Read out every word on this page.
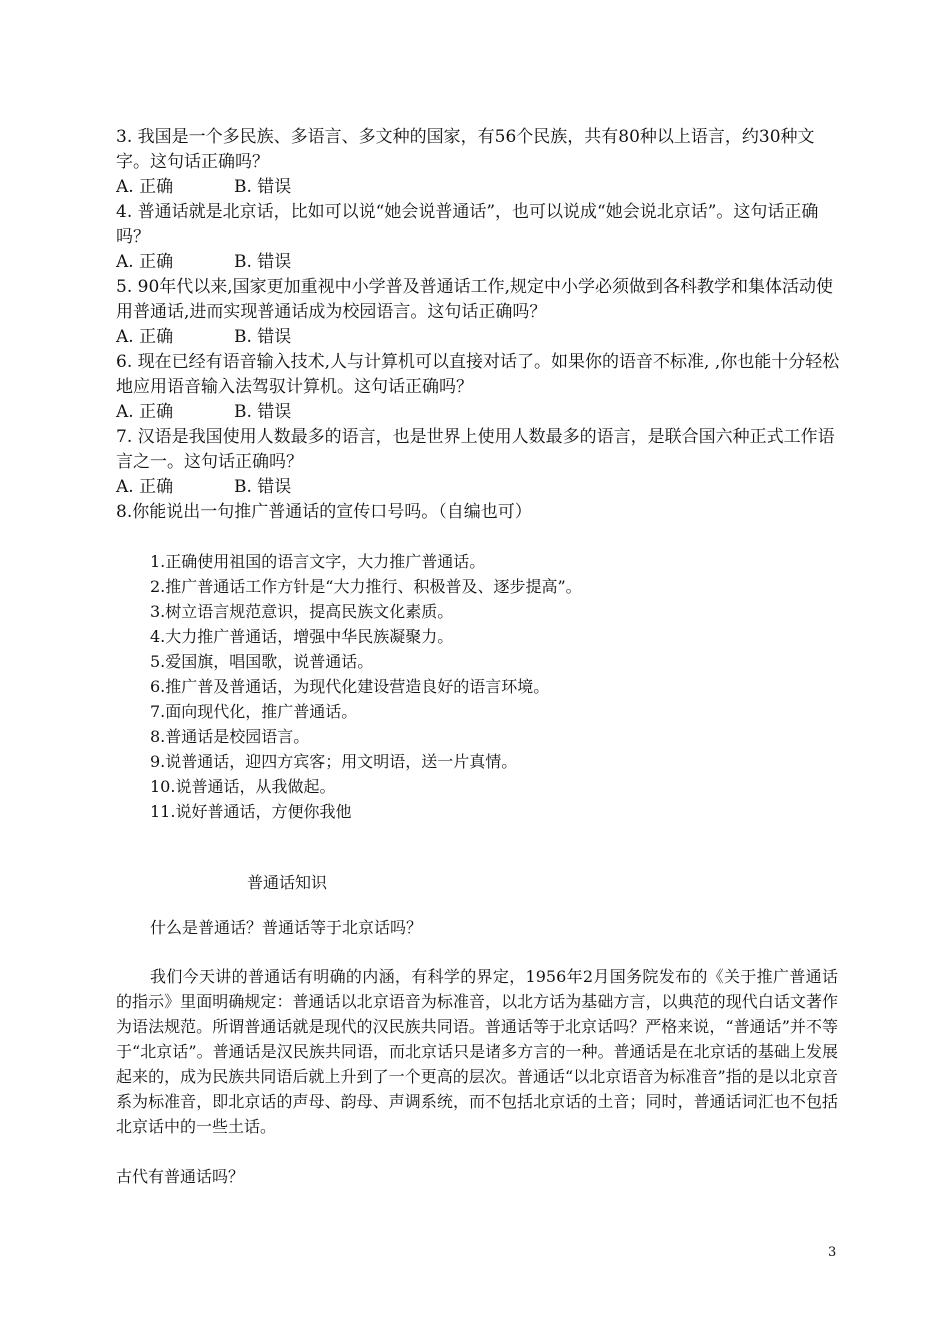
3. 我国是一个多民族、多语言、多文种的国家，有56个民族，共有80种以上语言，约30种文字。这句话正确吗？

A. 正确	B. 错误

4. 普通话就是北京话，比如可以说“她会说普通话”，也可以说成“她会说北京话”。这句话正确吗？

A. 正确	B. 错误

5. 90年代以来,国家更加重视中小学普及普通话工作,规定中小学必须做到各科教学和集体活动使用普通话,进而实现普通话成为校园语言。这句话正确吗？

A. 正确	B. 错误

6. 现在已经有语音输入技术,人与计算机可以直接对话了。如果你的语音不标准, ,你也能十分轻松地应用语音输入法驾驭计算机。这句话正确吗？

A. 正确	B. 错误

7. 汉语是我国使用人数最多的语言，也是世界上使用人数最多的语言，是联合国六种正式工作语言之一。这句话正确吗？

A. 正确	B. 错误

8.你能说出一句推广普通话的宣传口号吗。（自编也可）

1.正确使用祖国的语言文字，大力推广普通话。

2.推广普通话工作方针是“大力推行、积极普及、逐步提高”。

3.树立语言规范意识，提高民族文化素质。

4.大力推广普通话，增强中华民族凝聚力。

5.爱国旗，唱国歌，说普通话。

6.推广普及普通话，为现代化建设营造良好的语言环境。

7.面向现代化，推广普通话。

8.普通话是校园语言。

9.说普通话，迎四方宾客；用文明语，送一片真情。

10.说普通话，从我做起。

11.说好普通话，方便你我他

普通话知识

什么是普通话？普通话等于北京话吗？

我们今天讲的普通话有明确的内涵，有科学的界定，1956年2月国务院发布的《关于推广普通话的指示》里面明确规定：普通话以北京语音为标准音，以北方话为基础方言，以典范的现代白话文著作为语法规范。所谓普通话就是现代的汉民族共同语。普通话等于北京话吗？严格来说，“普通话”并不等于“北京话”。普通话是汉民族共同语，而北京话只是诸多方言的一种。普通话是在北京话的基础上发展起来的，成为民族共同语后就上升到了一个更高的层次。普通话“以北京语音为标准音”指的是以北京音系为标准音，即北京话的声母、韵母、声调系统，而不包括北京话的土音；同时，普通话词汇也不包括北京话中的一些土话。

古代有普通话吗？

3
